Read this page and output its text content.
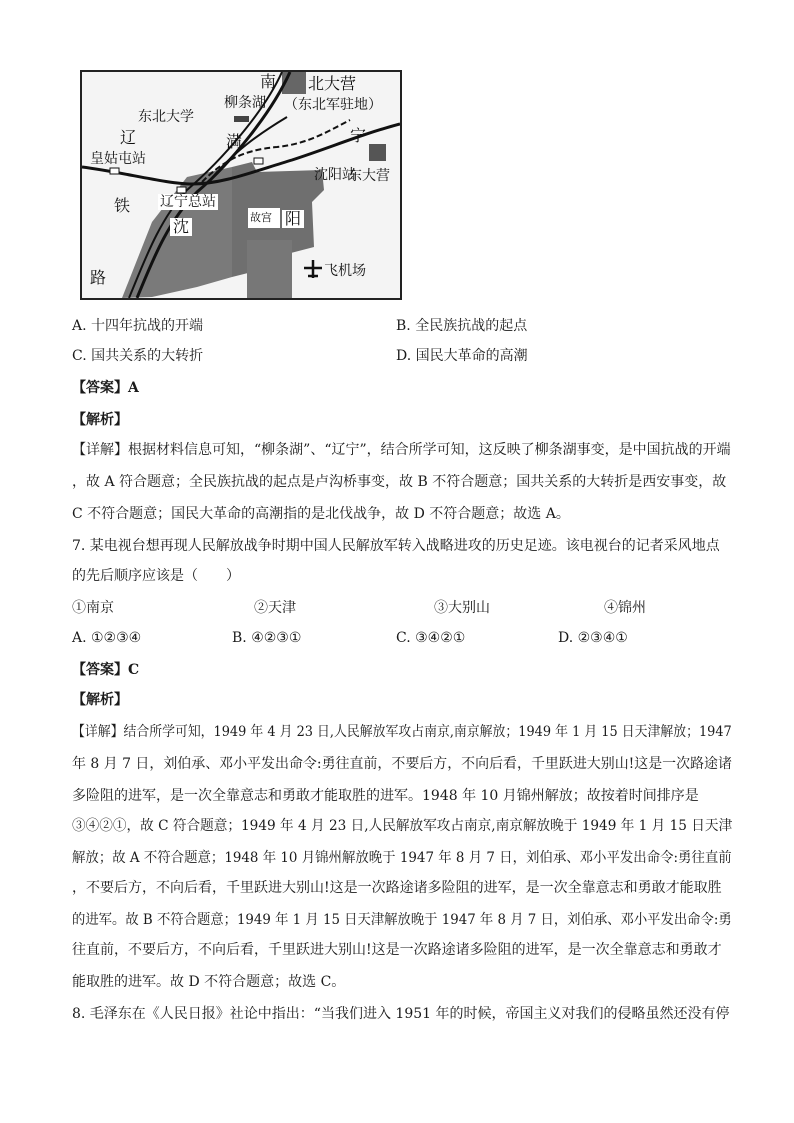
南 北大营
（东北军驻地）
柳条湖
东北大学
辽	満	宁
皇姑屯站
沈阳站
东大营
辽宁总站
铁
路
沈	阳
故宫
飞机场
A. 十四年抗战的开端	B. 全民族抗战的起点
C. 国共关系的大转折	D. 国民大革命的高潮
【答案】A
【解析】
【详解】根据材料信息可知，“柳条湖”、“辽宁”，结合所学可知，这反映了柳条湖事变，是中国抗战的开端
，故 A 符合题意；全民族抗战的起点是卢沟桥事变，故 B 不符合题意；国共关系的大转折是西安事变，故
C 不符合题意；国民大革命的高潮指的是北伐战争，故 D 不符合题意；故选 A。
7. 某电视台想再现人民解放战争时期中国人民解放军转入战略进攻的历史足迹。该电视台的记者采风地点
的先后顺序应该是（　　）
①南京	②天津	③大别山	④锦州
A. ①②③④	B. ④②③①	C. ③④②①	D. ②③④①
【答案】C
【解析】
【详解】结合所学可知，1949 年 4 月 23 日,人民解放军攻占南京,南京解放；1949 年 1 月 15 日天津解放；1947
年 8 月 7 日，刘伯承、邓小平发出命令:勇往直前，不要后方，不向后看，千里跃进大别山!这是一次路途诸
多险阻的进军，是一次全靠意志和勇敢才能取胜的进军。1948 年 10 月锦州解放；故按着时间排序是
③④②①，故 C 符合题意；1949 年 4 月 23 日,人民解放军攻占南京,南京解放晚于 1949 年 1 月 15 日天津
解放；故 A 不符合题意；1948 年 10 月锦州解放晚于 1947 年 8 月 7 日，刘伯承、邓小平发出命令:勇往直前
，不要后方，不向后看，千里跃进大别山!这是一次路途诸多险阻的进军，是一次全靠意志和勇敢才能取胜
的进军。故 B 不符合题意；1949 年 1 月 15 日天津解放晚于 1947 年 8 月 7 日，刘伯承、邓小平发出命令:勇
往直前，不要后方，不向后看，千里跃进大别山!这是一次路途诸多险阻的进军，是一次全靠意志和勇敢才
能取胜的进军。故 D 不符合题意；故选 C。
8. 毛泽东在《人民日报》社论中指出：“当我们进入 1951 年的时候，帝国主义对我们的侵略虽然还没有停
